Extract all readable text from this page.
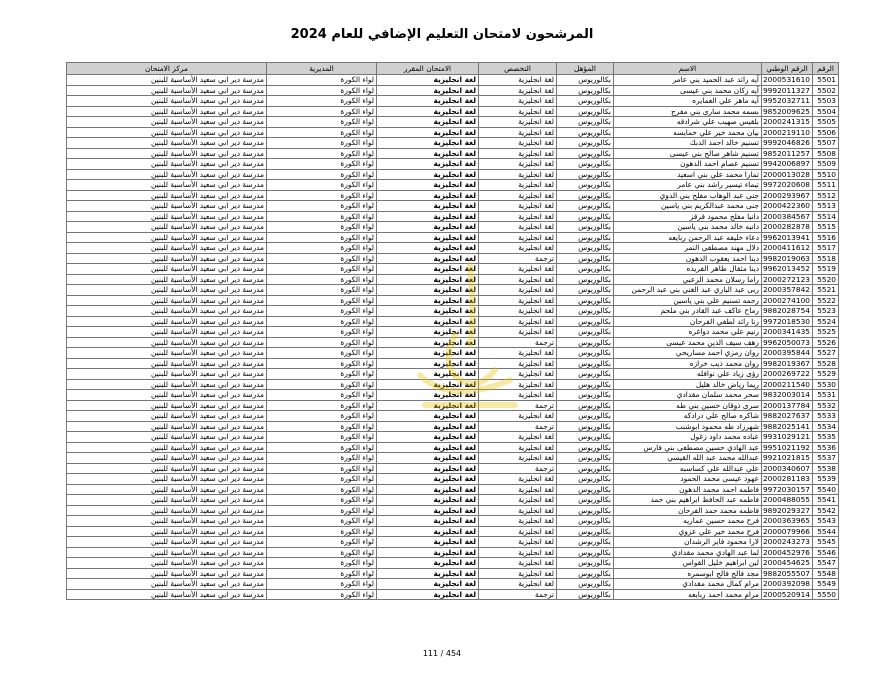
المرشحون لامتحان التعليم الإضافي للعام 2024
الرقم	الرقم الوطني	الاسم	المؤهل	التخصص	الامتحان المقرر	المديرية	مركز الامتحان
5501	2000531610	آيه رائد عبد الحميد بني عامر	بكالوريوس	لغة انجليزية	لغة انجليزية	لواء الكورة	مدرسة دير ابي سعيد الأساسية للبنين
5502	9992011327	آيه زكان محمد بني عيسى	بكالوريوس	لغة انجليزية	لغة انجليزية	لواء الكورة	مدرسة دير ابي سعيد الأساسية للبنين
5503	9952032711	آيه ماهر علي العمايره	بكالوريوس	لغة انجليزية	لغة انجليزية	لواء الكورة	مدرسة دير ابي سعيد الأساسية للبنين
5504	9852009625	بسمه محمد سارى بني مفرج	بكالوريوس	لغة انجليزية	لغة انجليزية	لواء الكورة	مدرسة دير ابي سعيد الأساسية للبنين
5505	2000241315	بلقيس صهيب علي شرادقه	بكالوريوس	لغة انجليزية	لغة انجليزية	لواء الكورة	مدرسة دير ابي سعيد الأساسية للبنين
5506	2000219110	بيان محمد خير علي خمايسه	بكالوريوس	لغة انجليزية	لغة انجليزية	لواء الكورة	مدرسة دير ابي سعيد الأساسية للبنين
5507	9992046826	تسنيم خالد احمد الدبك	بكالوريوس	لغة انجليزية	لغة انجليزية	لواء الكورة	مدرسة دير ابي سعيد الأساسية للبنين
5508	9852011257	تسنيم شاهر صالح بني عيسى	بكالوريوس	لغة انجليزية	لغة انجليزية	لواء الكورة	مدرسة دير ابي سعيد الأساسية للبنين
5509	9942006897	تسنيم عصام احمد الدهون	بكالوريوس	لغة انجليزية	لغة انجليزية	لواء الكورة	مدرسة دير ابي سعيد الأساسية للبنين
5510	2000013028	تمارا محمد علي بني اسعيد	بكالوريوس	لغة انجليزية	لغة انجليزية	لواء الكورة	مدرسة دير ابي سعيد الأساسية للبنين
5511	9972020608	تيماء تيسير راشد بني عامر	بكالوريوس	لغة انجليزية	لغة انجليزية	لواء الكورة	مدرسة دير ابي سعيد الأساسية للبنين
5512	2000293967	جنى عبد الوهاب مفلح بني الدوي	بكالوريوس	لغة انجليزية	لغة انجليزية	لواء الكورة	مدرسة دير ابي سعيد الأساسية للبنين
5513	2000422360	جنى محمد عبدالكريم بني ياسين	بكالوريوس	لغة انجليزية	لغة انجليزية	لواء الكورة	مدرسة دير ابي سعيد الأساسية للبنين
5514	2000384567	دانيا مفلح محمود قرقز	بكالوريوس	لغة انجليزية	لغة انجليزية	لواء الكورة	مدرسة دير ابي سعيد الأساسية للبنين
5515	2000282878	دانيه خالد محمد بني ياسين	بكالوريوس	لغة انجليزية	لغة انجليزية	لواء الكورة	مدرسة دير ابي سعيد الأساسية للبنين
5516	9962013941	دعاء خليفه عبد الرحمن ربايعه	بكالوريوس	لغة انجليزية	لغة انجليزية	لواء الكورة	مدرسة دير ابي سعيد الأساسية للبنين
5517	2000411612	دلال مهند مصطفى النمر	بكالوريوس	لغة انجليزية	لغة انجليزية	لواء الكورة	مدرسة دير ابي سعيد الأساسية للبنين
5518	9982019063	دينا احمد يعقوب الدهون	بكالوريوس	ترجمة	لغة انجليزية	لواء الكورة	مدرسة دير ابي سعيد الأساسية للبنين
5519	9962013452	دينا مثقال ظاهر الفريده	بكالوريوس	لغة انجليزية	لغة انجليزية	لواء الكورة	مدرسة دير ابي سعيد الأساسية للبنين
5520	2000272123	راما رسلان محمد الزعبي	بكالوريوس	لغة انجليزية	لغة انجليزية	لواء الكورة	مدرسة دير ابي سعيد الأساسية للبنين
5521	2000357842	ربى عبد الباري عبد الغني بني عبد الرحمن	بكالوريوس	لغة انجليزية	لغة انجليزية	لواء الكورة	مدرسة دير ابي سعيد الأساسية للبنين
5522	2000274100	رحمه تسنيم علي بني ياسين	بكالوريوس	لغة انجليزية	لغة انجليزية	لواء الكورة	مدرسة دير ابي سعيد الأساسية للبنين
5523	9882028754	رماح عاكف عبد القادر بني ملحم	بكالوريوس	لغة انجليزية	لغة انجليزية	لواء الكورة	مدرسة دير ابي سعيد الأساسية للبنين
5524	9972018530	رنا رائد لطفي الفرحان	بكالوريوس	لغة انجليزية	لغة انجليزية	لواء الكورة	مدرسة دير ابي سعيد الأساسية للبنين
5525	2000341435	رنيم علي محمد دواغره	بكالوريوس	لغة انجليزية	لغة انجليزية	لواء الكورة	مدرسة دير ابي سعيد الأساسية للبنين
5526	9962050073	رهف سيف الدين محمد عيسى	بكالوريوس	ترجمة	لغة انجليزية	لواء الكورة	مدرسة دير ابي سعيد الأساسية للبنين
5527	2000395844	روان رمزي احمد مساريحي	بكالوريوس	لغة انجليزية	لغة انجليزية	لواء الكورة	مدرسة دير ابي سعيد الأساسية للبنين
5528	9982019367	روان محمد ذيب خرازه	بكالوريوس	لغة انجليزية	لغة انجليزية	لواء الكورة	مدرسة دير ابي سعيد الأساسية للبنين
5529	2000269722	رؤى زياد علي نوافله	بكالوريوس	لغة انجليزية	لغة انجليزية	لواء الكورة	مدرسة دير ابي سعيد الأساسية للبنين
5530	2000211540	ريما رياض خالد هليل	بكالوريوس	لغة انجليزية	لغة انجليزية	لواء الكورة	مدرسة دير ابي سعيد الأساسية للبنين
5531	9832003014	سحر محمد سلمان مقدادي	بكالوريوس	لغة انجليزية	لغة انجليزية	لواء الكورة	مدرسة دير ابي سعيد الأساسية للبنين
5532	2000137784	سرى ذوقان حسين بني طه	بكالوريوس	ترجمة	لغة انجليزية	لواء الكورة	مدرسة دير ابي سعيد الأساسية للبنين
5533	9882027637	شاكره صالح علي درادكه	بكالوريوس	لغة انجليزية	لغة انجليزية	لواء الكورة	مدرسة دير ابي سعيد الأساسية للبنين
5534	9882025141	شهرزاد طه محمود ابوشنب	بكالوريوس	ترجمة	لغة انجليزية	لواء الكورة	مدرسة دير ابي سعيد الأساسية للبنين
5535	9931029121	عباده محمد داود زغول	بكالوريوس	لغة انجليزية	لغة انجليزية	لواء الكورة	مدرسة دير ابي سعيد الأساسية للبنين
5536	9951021192	عبد الهادي حسين مصطفى بني فارس	بكالوريوس	لغة انجليزية	لغة انجليزية	لواء الكورة	مدرسة دير ابي سعيد الأساسية للبنين
5537	9921021815	عبدالله محمد عبد الله القيسي	بكالوريوس	لغة انجليزية	لغة انجليزية	لواء الكورة	مدرسة دير ابي سعيد الأساسية للبنين
5538	2000340607	علي عبدالله علي كساسبه	بكالوريوس	ترجمة	لغة انجليزية	لواء الكورة	مدرسة دير ابي سعيد الأساسية للبنين
5539	2000281183	عهود عيسى محمد الحمود	بكالوريوس	لغة انجليزية	لغة انجليزية	لواء الكورة	مدرسة دير ابي سعيد الأساسية للبنين
5540	9972030157	فاطمه احمد محمد الدهون	بكالوريوس	لغة انجليزية	لغة انجليزية	لواء الكورة	مدرسة دير ابي سعيد الأساسية للبنين
5541	2000488055	فاطمه عبد الحافظ ابراهيم بني حمد	بكالوريوس	لغة انجليزية	لغة انجليزية	لواء الكورة	مدرسة دير ابي سعيد الأساسية للبنين
5542	9892029327	فاطمه محمد حمد الفرحان	بكالوريوس	لغة انجليزية	لغة انجليزية	لواء الكورة	مدرسة دير ابي سعيد الأساسية للبنين
5543	2000363965	فرح محمد حسين عماريه	بكالوريوس	لغة انجليزية	لغة انجليزية	لواء الكورة	مدرسة دير ابي سعيد الأساسية للبنين
5544	2000079966	فرح محمد خير علي عزوي	بكالوريوس	لغة انجليزية	لغة انجليزية	لواء الكورة	مدرسة دير ابي سعيد الأساسية للبنين
5545	2000243273	لارا محمود فايز الرشدان	بكالوريوس	لغة انجليزية	لغة انجليزية	لواء الكورة	مدرسة دير ابي سعيد الأساسية للبنين
5546	2000452976	لما عبد الهادي محمد مقدادي	بكالوريوس	لغة انجليزية	لغة انجليزية	لواء الكورة	مدرسة دير ابي سعيد الأساسية للبنين
5547	2000454625	لين ابراهيم خليل القواس	بكالوريوس	لغة انجليزية	لغة انجليزية	لواء الكورة	مدرسة دير ابي سعيد الأساسية للبنين
5548	9882055507	مجد فالح فالح ابوسمره	بكالوريوس	لغة انجليزية	لغة انجليزية	لواء الكورة	مدرسة دير ابي سعيد الأساسية للبنين
5549	2000392098	مرام كمال محمد مقدادي	بكالوريوس	لغة انجليزية	لغة انجليزية	لواء الكورة	مدرسة دير ابي سعيد الأساسية للبنين
5550	2000520914	مرام محمد احمد ربايعه	بكالوريوس	ترجمة	لغة انجليزية	لواء الكورة	مدرسة دير ابي سعيد الأساسية للبنين
111 / 454
